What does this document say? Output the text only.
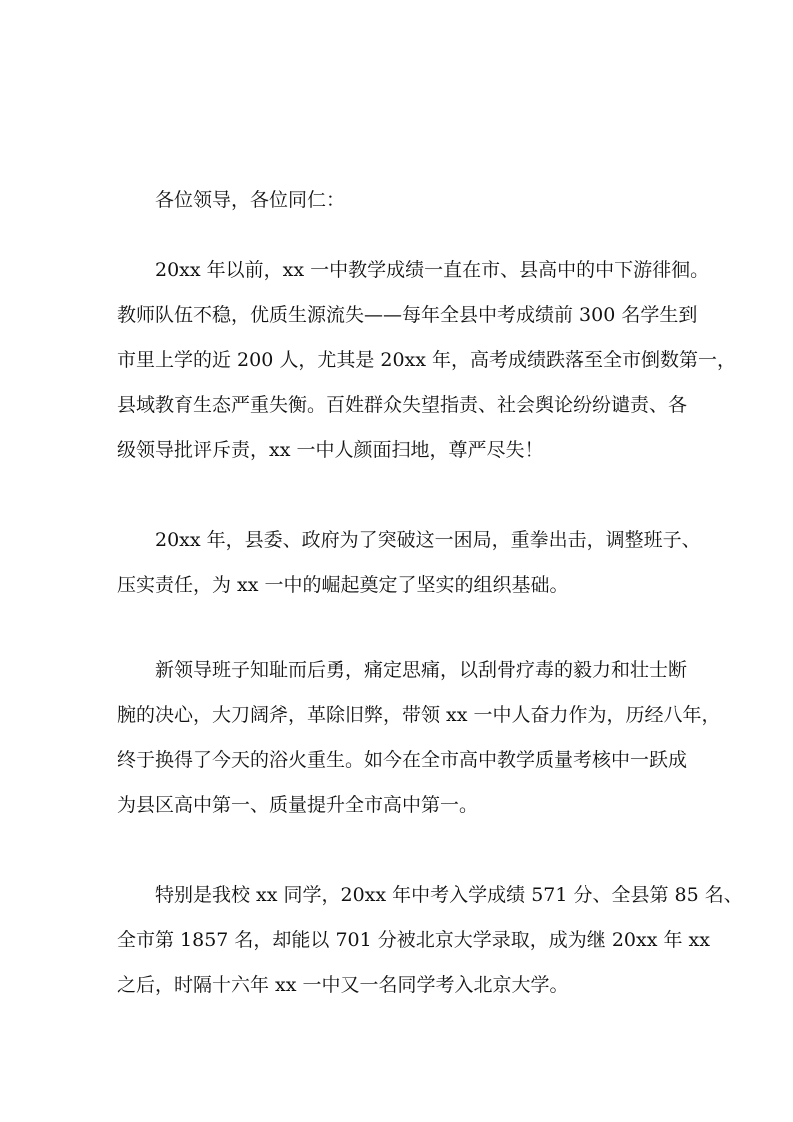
各位领导，各位同仁：
20xx 年以前，xx 一中教学成绩一直在市、县高中的中下游徘徊。
教师队伍不稳，优质生源流失——每年全县中考成绩前 300 名学生到
市里上学的近 200 人，尤其是 20xx 年，高考成绩跌落至全市倒数第一，
县域教育生态严重失衡。百姓群众失望指责、社会舆论纷纷谴责、各
级领导批评斥责，xx 一中人颜面扫地，尊严尽失！
20xx 年，县委、政府为了突破这一困局，重拳出击，调整班子、
压实责任，为 xx 一中的崛起奠定了坚实的组织基础。
新领导班子知耻而后勇，痛定思痛，以刮骨疗毒的毅力和壮士断
腕的决心，大刀阔斧，革除旧弊，带领 xx 一中人奋力作为，历经八年，
终于换得了今天的浴火重生。如今在全市高中教学质量考核中一跃成
为县区高中第一、质量提升全市高中第一。
特别是我校 xx 同学，20xx 年中考入学成绩 571 分、全县第 85 名、
全市第 1857 名，却能以 701 分被北京大学录取，成为继 20xx 年 xx
之后，时隔十六年 xx 一中又一名同学考入北京大学。
